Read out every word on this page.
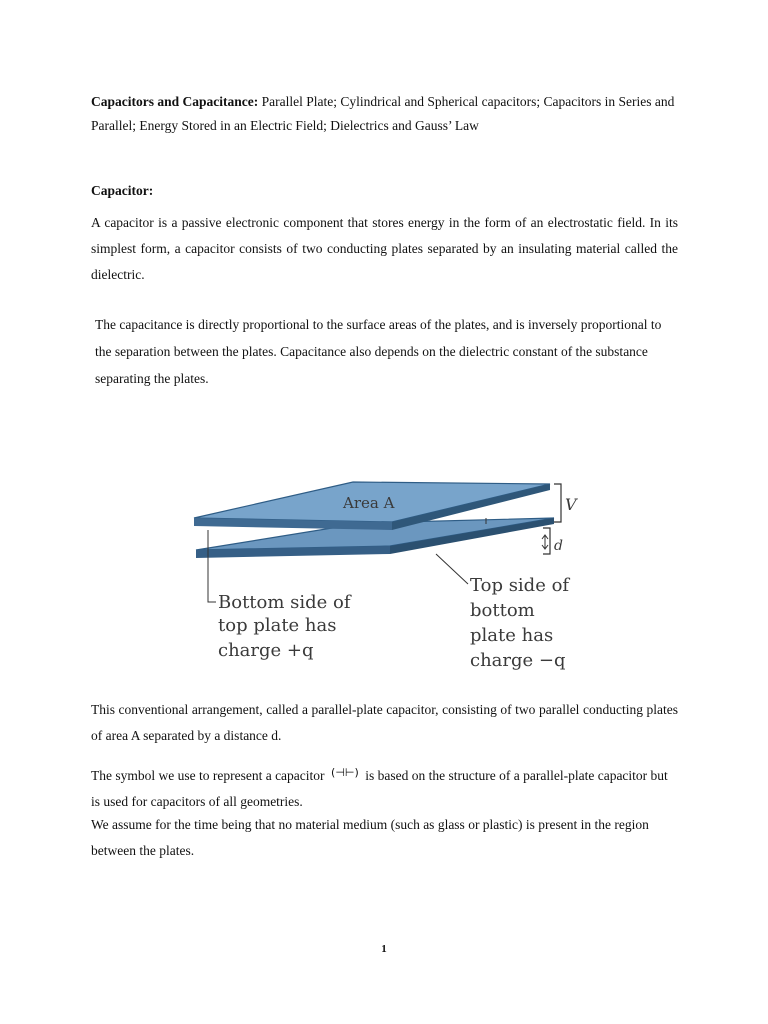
Capacitors and Capacitance: Parallel Plate; Cylindrical and Spherical capacitors; Capacitors in Series and Parallel; Energy Stored in an Electric Field; Dielectrics and Gauss’ Law
Capacitor:
A capacitor is a passive electronic component that stores energy in the form of an electrostatic field. In its simplest form, a capacitor consists of two conducting plates separated by an insulating material called the dielectric.
The capacitance is directly proportional to the surface areas of the plates, and is inversely proportional to the separation between the plates. Capacitance also depends on the dielectric constant of the substance separating the plates.
Area A	V
d
Bottom side of
top plate has
charge +q
Top side of
bottom
plate has
charge −q
This conventional arrangement, called a parallel-plate capacitor, consisting of two parallel conducting plates of area A separated by a distance d.
The symbol we use to represent a capacitor (⊣⊢) is based on the structure of a parallel-plate capacitor but is used for capacitors of all geometries.
We assume for the time being that no material medium (such as glass or plastic) is present in the region between the plates.
1
